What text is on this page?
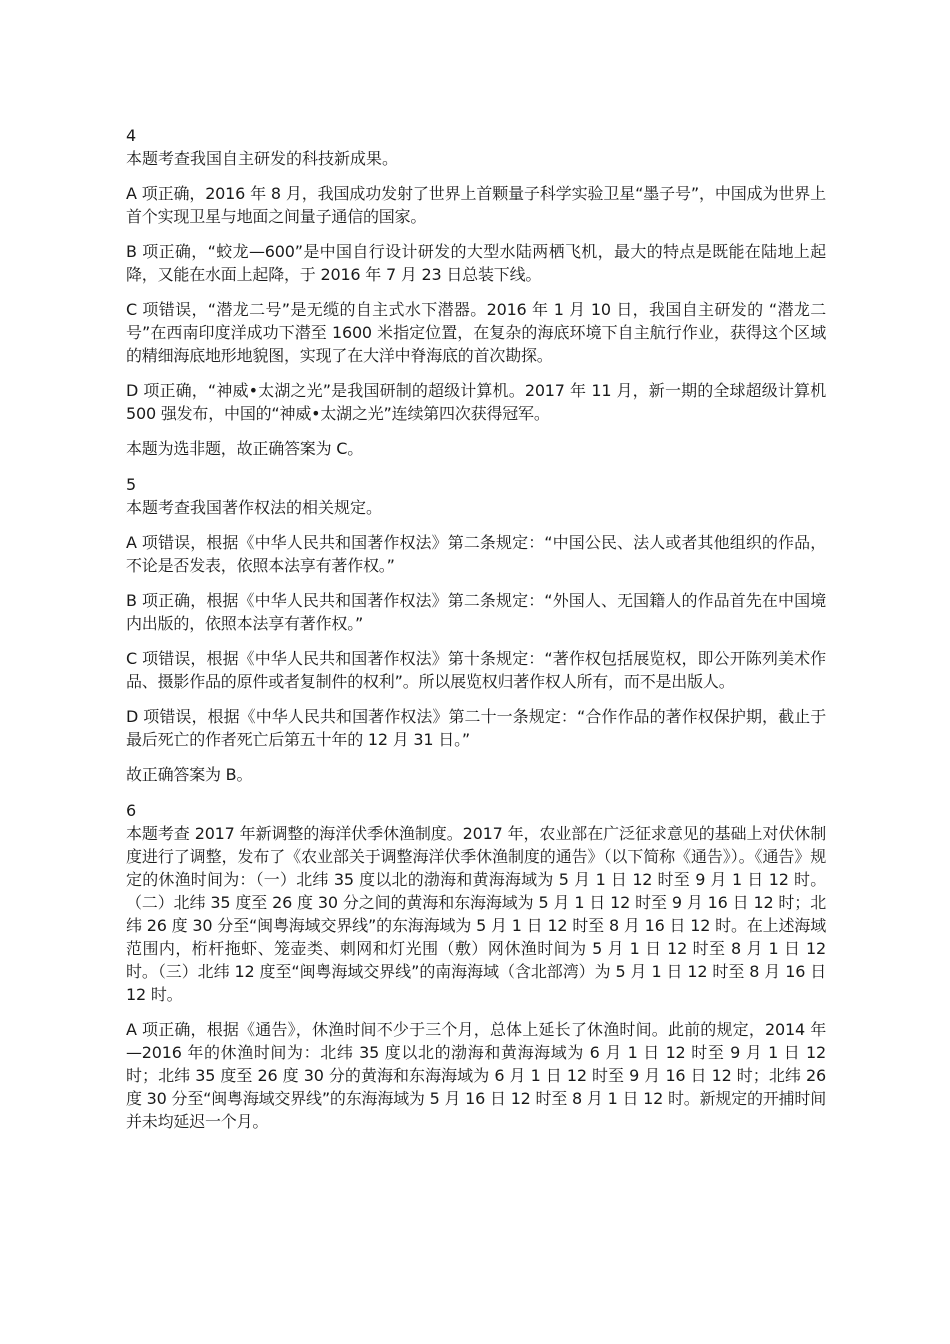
4

本题考查我国自主研发的科技新成果。

A 项正确，2016 年 8 月，我国成功发射了世界上首颗量子科学实验卫星“墨子号”，中国成为世界上首个实现卫星与地面之间量子通信的国家。

B 项正确，“蛟龙—600”是中国自行设计研发的大型水陆两栖飞机，最大的特点是既能在陆地上起降，又能在水面上起降，于 2016 年 7 月 23 日总装下线。

C 项错误，“潜龙二号”是无缆的自主式水下潜器。2016 年 1 月 10 日，我国自主研发的 “潜龙二号”在西南印度洋成功下潜至 1600 米指定位置，在复杂的海底环境下自主航行作业，获得这个区域的精细海底地形地貌图，实现了在大洋中脊海底的首次勘探。

D 项正确，“神威•太湖之光”是我国研制的超级计算机。2017 年 11 月，新一期的全球超级计算机 500 强发布，中国的“神威•太湖之光”连续第四次获得冠军。

本题为选非题，故正确答案为 C。

5

本题考查我国著作权法的相关规定。

A 项错误，根据《中华人民共和国著作权法》第二条规定：“中国公民、法人或者其他组织的作品，不论是否发表，依照本法享有著作权。”

B 项正确，根据《中华人民共和国著作权法》第二条规定：“外国人、无国籍人的作品首先在中国境内出版的，依照本法享有著作权。”

C 项错误，根据《中华人民共和国著作权法》第十条规定：“著作权包括展览权，即公开陈列美术作品、摄影作品的原件或者复制件的权利”。所以展览权归著作权人所有，而不是出版人。

D 项错误，根据《中华人民共和国著作权法》第二十一条规定：“合作作品的著作权保护期，截止于最后死亡的作者死亡后第五十年的 12 月 31 日。”

故正确答案为 B。

6

本题考查 2017 年新调整的海洋伏季休渔制度。2017 年，农业部在广泛征求意见的基础上对伏休制度进行了调整，发布了《农业部关于调整海洋伏季休渔制度的通告》（以下简称《通告》）。《通告》规定的休渔时间为：（一）北纬 35 度以北的渤海和黄海海域为 5 月 1 日 12 时至 9 月 1 日 12 时。（二）北纬 35 度至 26 度 30 分之间的黄海和东海海域为 5 月 1 日 12 时至 9 月 16 日 12 时；北纬 26 度 30 分至“闽粤海域交界线”的东海海域为 5 月 1 日 12 时至 8 月 16 日 12 时。在上述海域范围内，桁杆拖虾、笼壶类、刺网和灯光围（敷）网休渔时间为 5 月 1 日 12 时至 8 月 1 日 12 时。（三）北纬 12 度至“闽粤海域交界线”的南海海域（含北部湾）为 5 月 1 日 12 时至 8 月 16 日 12 时。

A 项正确，根据《通告》，休渔时间不少于三个月，总体上延长了休渔时间。此前的规定，2014 年—2016 年的休渔时间为：北纬 35 度以北的渤海和黄海海域为 6 月 1 日 12 时至 9 月 1 日 12 时；北纬 35 度至 26 度 30 分的黄海和东海海域为 6 月 1 日 12 时至 9 月 16 日 12 时；北纬 26 度 30 分至“闽粤海域交界线”的东海海域为 5 月 16 日 12 时至 8 月 1 日 12 时。新规定的开捕时间并未均延迟一个月。
